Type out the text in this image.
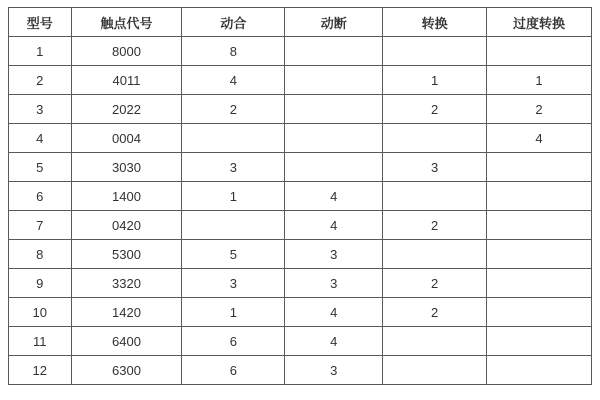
型号	触点代号	动合	动断	转换	过度转换
1	8000	8			
2	4011	4		1	1
3	2022	2		2	2
4	0004				4
5	3030	3		3	
6	1400	1	4		
7	0420		4	2	
8	5300	5	3		
9	3320	3	3	2	
10	1420	1	4	2	
11	6400	6	4		
12	6300	6	3		
